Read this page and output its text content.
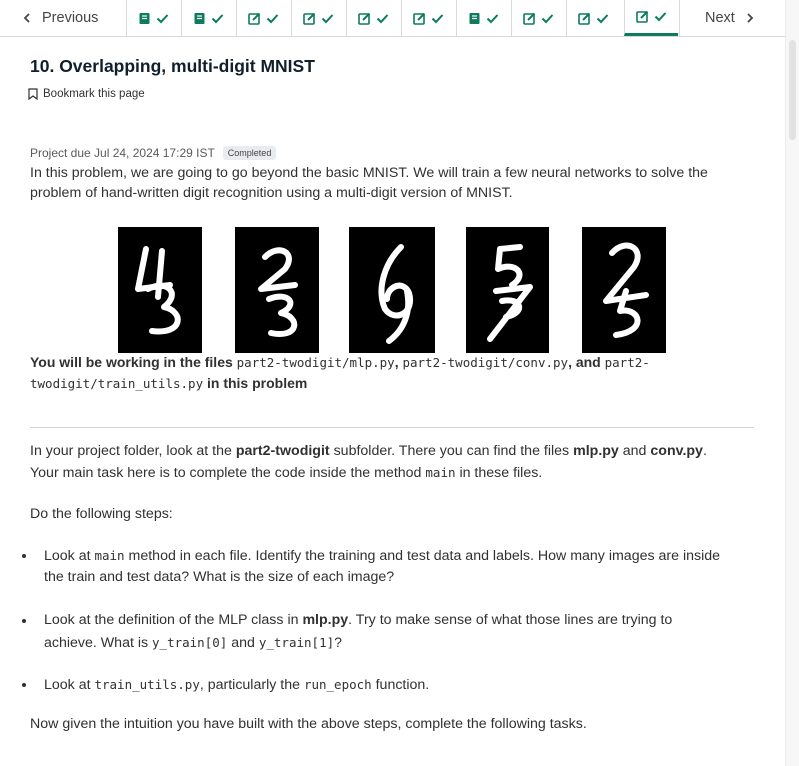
Previous	Next
10. Overlapping, multi-digit MNIST
Bookmark this page
Project due Jul 24, 2024 17:29 IST	Completed

In this problem, we are going to go beyond the basic MNIST. We will train a few neural networks to solve the

problem of hand-written digit recognition using a multi-digit version of MNIST.

You will be working in the files part2-twodigit/mlp.py, part2-twodigit/conv.py, and part2-twodigit/train_utils.py in this problem

In your project folder, look at the part2-twodigit subfolder. There you can find the files mlp.py and conv.py.

Your main task here is to complete the code inside the method main in these files.

Do the following steps:

Look at main method in each file. Identify the training and test data and labels. How many images are inside

the train and test data? What is the size of each image?

Look at the definition of the MLP class in mlp.py. Try to make sense of what those lines are trying to

achieve. What is y_train[0] and y_train[1]?

Look at train_utils.py, particularly the run_epoch function.

Now given the intuition you have built with the above steps, complete the following tasks.
